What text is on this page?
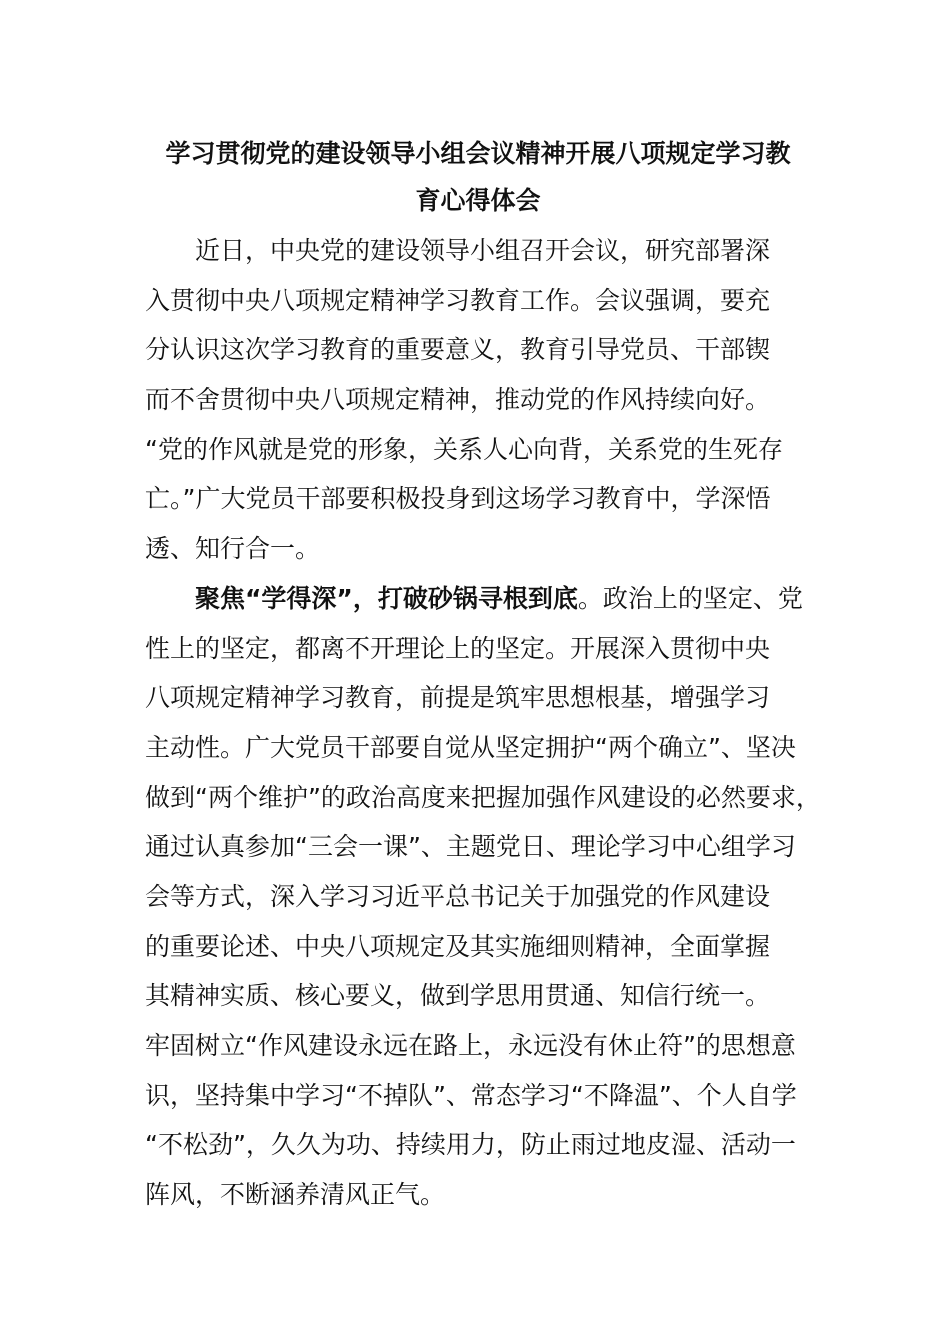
学习贯彻党的建设领导小组会议精神开展八项规定学习教
育心得体会

近日，中央党的建设领导小组召开会议，研究部署深
入贯彻中央八项规定精神学习教育工作。会议强调，要充
分认识这次学习教育的重要意义，教育引导党员、干部锲
而不舍贯彻中央八项规定精神，推动党的作风持续向好。
“党的作风就是党的形象，关系人心向背，关系党的生死存
亡。”广大党员干部要积极投身到这场学习教育中，学深悟
透、知行合一。

聚焦“学得深”，打破砂锅寻根到底。政治上的坚定、党
性上的坚定，都离不开理论上的坚定。开展深入贯彻中央
八项规定精神学习教育，前提是筑牢思想根基，增强学习
主动性。广大党员干部要自觉从坚定拥护“两个确立”、坚决
做到“两个维护”的政治高度来把握加强作风建设的必然要求，
通过认真参加“三会一课”、主题党日、理论学习中心组学习
会等方式，深入学习习近平总书记关于加强党的作风建设
的重要论述、中央八项规定及其实施细则精神，全面掌握
其精神实质、核心要义，做到学思用贯通、知信行统一。
牢固树立“作风建设永远在路上，永远没有休止符”的思想意
识，坚持集中学习“不掉队”、常态学习“不降温”、个人自学
“不松劲”，久久为功、持续用力，防止雨过地皮湿、活动一
阵风，不断涵养清风正气。
